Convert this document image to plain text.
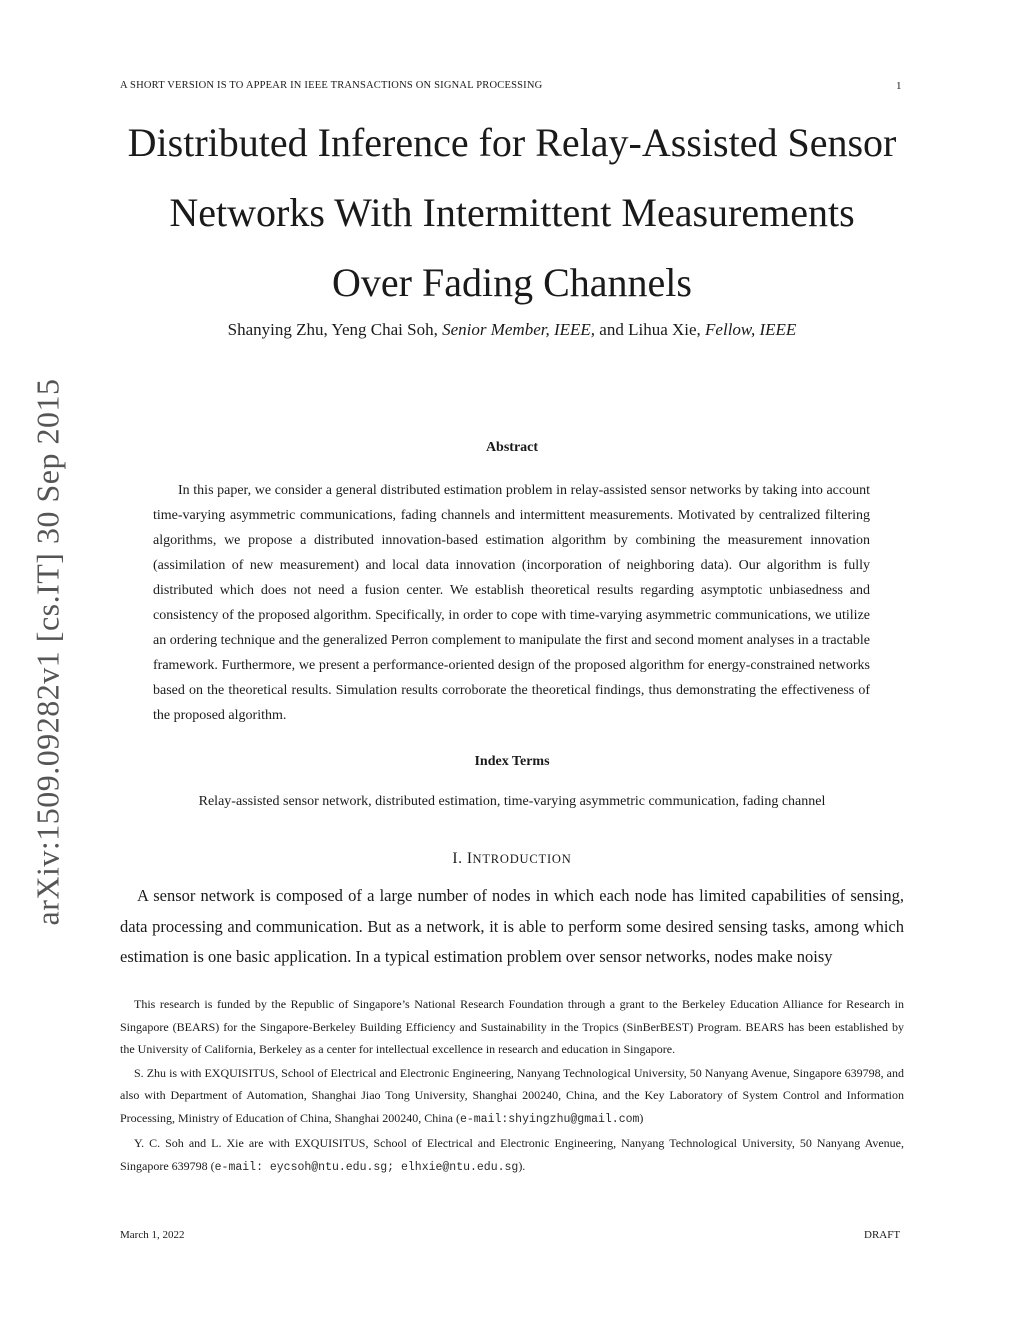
A SHORT VERSION IS TO APPEAR IN IEEE TRANSACTIONS ON SIGNAL PROCESSING	1
Distributed Inference for Relay-Assisted Sensor
Networks With Intermittent Measurements
Over Fading Channels
Shanying Zhu, Yeng Chai Soh, Senior Member, IEEE, and Lihua Xie, Fellow, IEEE
arXiv:1509.09282v1 [cs.IT] 30 Sep 2015	Abstract
In this paper, we consider a general distributed estimation problem in relay-assisted sensor networks by taking into account time-varying asymmetric communications, fading channels and intermittent measurements. Motivated by centralized filtering algorithms, we propose a distributed innovation-based estimation algorithm by combining the measurement innovation (assimilation of new measurement) and local data innovation (incorporation of neighboring data). Our algorithm is fully distributed which does not need a fusion center. We establish theoretical results regarding asymptotic unbiasedness and consistency of the proposed algorithm. Specifically, in order to cope with time-varying asymmetric communications, we utilize an ordering technique and the generalized Perron complement to manipulate the first and second moment analyses in a tractable framework. Furthermore, we present a performance-oriented design of the proposed algorithm for energy-constrained networks based on the theoretical results. Simulation results corroborate the theoretical findings, thus demonstrating the effectiveness of the proposed algorithm.
Index Terms
Relay-assisted sensor network, distributed estimation, time-varying asymmetric communication, fading channel
I. INTRODUCTION
A sensor network is composed of a large number of nodes in which each node has limited capabilities of sensing, data processing and communication. But as a network, it is able to perform some desired sensing tasks, among which estimation is one basic application. In a typical estimation problem over sensor networks, nodes make noisy

This research is funded by the Republic of Singapore’s National Research Foundation through a grant to the Berkeley Education Alliance for Research in Singapore (BEARS) for the Singapore-Berkeley Building Efficiency and Sustainability in the Tropics (SinBerBEST) Program. BEARS has been established by the University of California, Berkeley as a center for intellectual excellence in research and education in Singapore.

S. Zhu is with EXQUISITUS, School of Electrical and Electronic Engineering, Nanyang Technological University, 50 Nanyang Avenue, Singapore 639798, and also with Department of Automation, Shanghai Jiao Tong University, Shanghai 200240, China, and the Key Laboratory of System Control and Information Processing, Ministry of Education of China, Shanghai 200240, China (e-mail:shyingzhu@gmail.com)

Y. C. Soh and L. Xie are with EXQUISITUS, School of Electrical and Electronic Engineering, Nanyang Technological University, 50 Nanyang Avenue, Singapore 639798 (e-mail: eycsoh@ntu.edu.sg; elhxie@ntu.edu.sg).

March 1, 2022	DRAFT
